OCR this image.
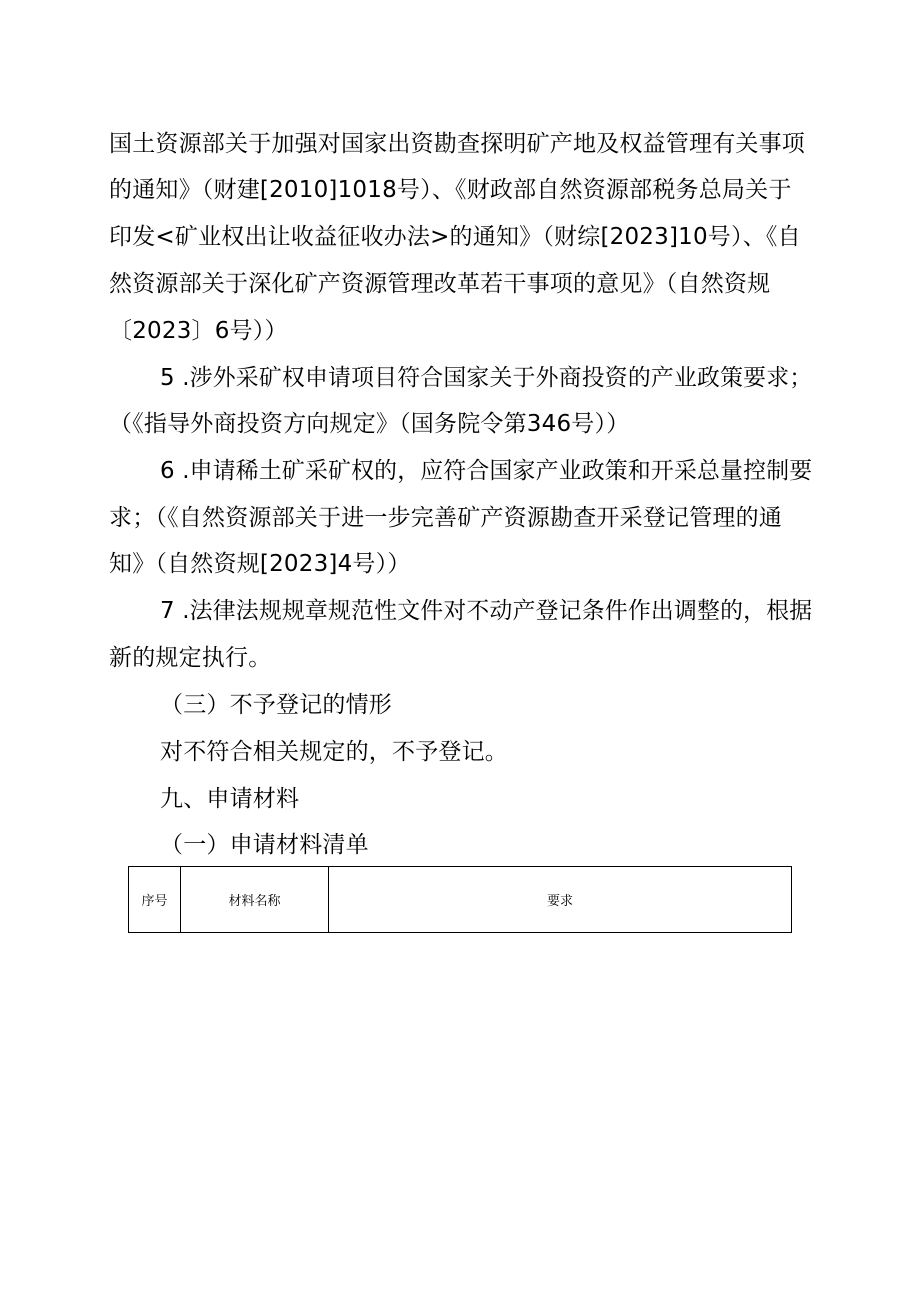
国土资源部关于加强对国家出资勘查探明矿产地及权益管理有关事项
的通知》（财建[2010]1018号）、《财政部自然资源部税务总局关于
印发<矿业权出让收益征收办法>的通知》（财综[2023]10号）、《自
然资源部关于深化矿产资源管理改革若干事项的意见》（自然资规
〔2023〕6号））
5 .涉外采矿权申请项目符合国家关于外商投资的产业政策要求；
（《指导外商投资方向规定》（国务院令第346号））
6 .申请稀土矿采矿权的，应符合国家产业政策和开采总量控制要
求；（《自然资源部关于进一步完善矿产资源勘查开采登记管理的通
知》（自然资规[2023]4号））
7 .法律法规规章规范性文件对不动产登记条件作出调整的，根据
新的规定执行。
（三）不予登记的情形
对不符合相关规定的，不予登记。
九、申请材料
（一）申请材料清单
序号	材料名称	要求
